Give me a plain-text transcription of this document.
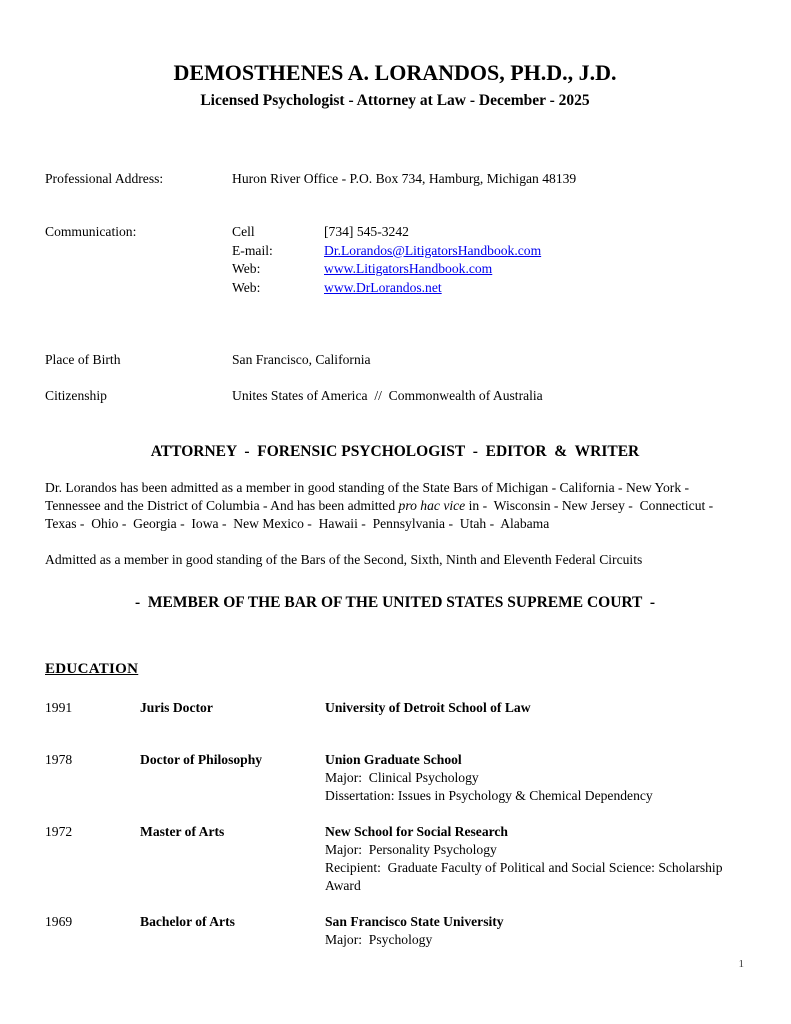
DEMOSTHENES A. LORANDOS, PH.D., J.D.
Licensed Psychologist - Attorney at Law - December - 2025
Professional Address:	Huron River Office - P.O. Box 734, Hamburg, Michigan 48139
Communication:	Cell	[734] 545-3242
E-mail:	Dr.Lorandos@LitigatorsHandbook.com
Web:	www.LitigatorsHandbook.com
Web:	www.DrLorandos.net
Place of Birth	San Francisco, California
Citizenship	Unites States of America  //  Commonwealth of Australia
ATTORNEY  -  FORENSIC PSYCHOLOGIST  -  EDITOR  &  WRITER

Dr. Lorandos has been admitted as a member in good standing of the State Bars of Michigan - California - New York -  Tennessee and the District of Columbia - And has been admitted pro hac vice in -  Wisconsin - New Jersey -  Connecticut -  Texas -  Ohio -  Georgia -  Iowa -  New Mexico -  Hawaii -  Pennsylvania -  Utah -  Alabama

Admitted as a member in good standing of the Bars of the Second, Sixth, Ninth and Eleventh Federal Circuits

-  MEMBER OF THE BAR OF THE UNITED STATES SUPREME COURT  -
EDUCATION
1991	Juris Doctor	University of Detroit School of Law
1978	Doctor of Philosophy	Union Graduate School
Major:  Clinical Psychology
Dissertation: Issues in Psychology & Chemical Dependency
1972	Master of Arts	New School for Social Research
Major:  Personality Psychology
Recipient:  Graduate Faculty of Political and Social Science: Scholarship Award
1969	Bachelor of Arts	San Francisco State University
Major:  Psychology
1
